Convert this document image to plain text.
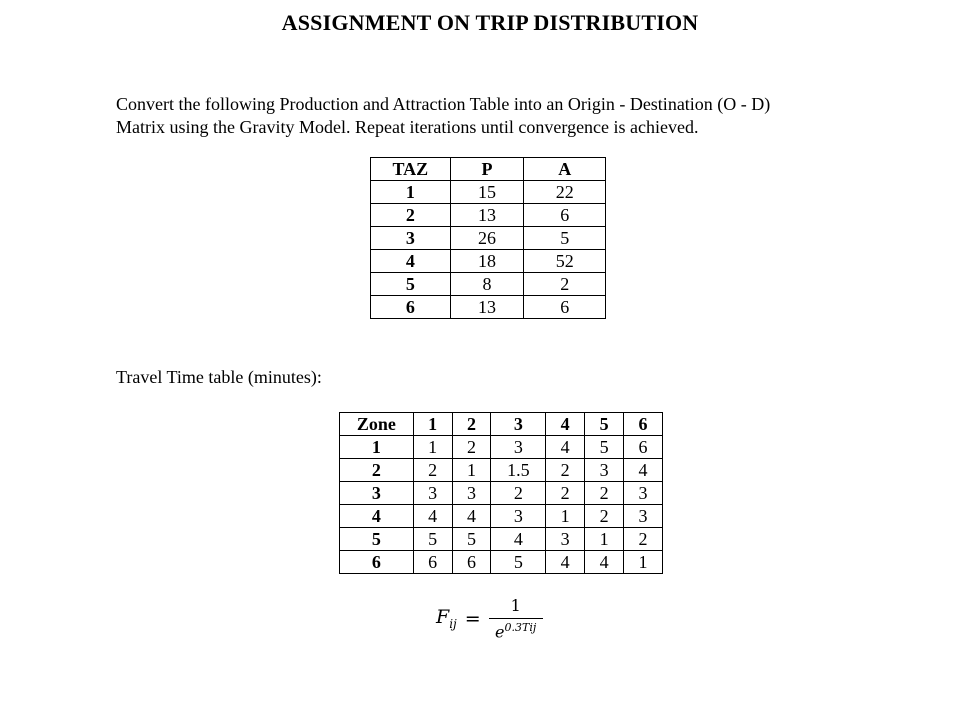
ASSIGNMENT ON TRIP DISTRIBUTION
Convert the following Production and Attraction Table into an Origin - Destination (O - D)
Matrix using the Gravity Model. Repeat iterations until convergence is achieved.
TAZ	P	A
1	15	22
2	13	6
3	26	5
4	18	52
5	8	2
6	13	6
Travel Time table (minutes):
Zone	1	2	3	4	5	6
1	1	2	3	4	5	6
2	2	1	1.5	2	3	4
3	3	3	2	2	2	3
4	4	4	3	1	2	3
5	5	5	4	3	1	2
6	6	6	5	4	4	1
$F_{ij} = \frac{1}{e^{0.3Tij}}$
